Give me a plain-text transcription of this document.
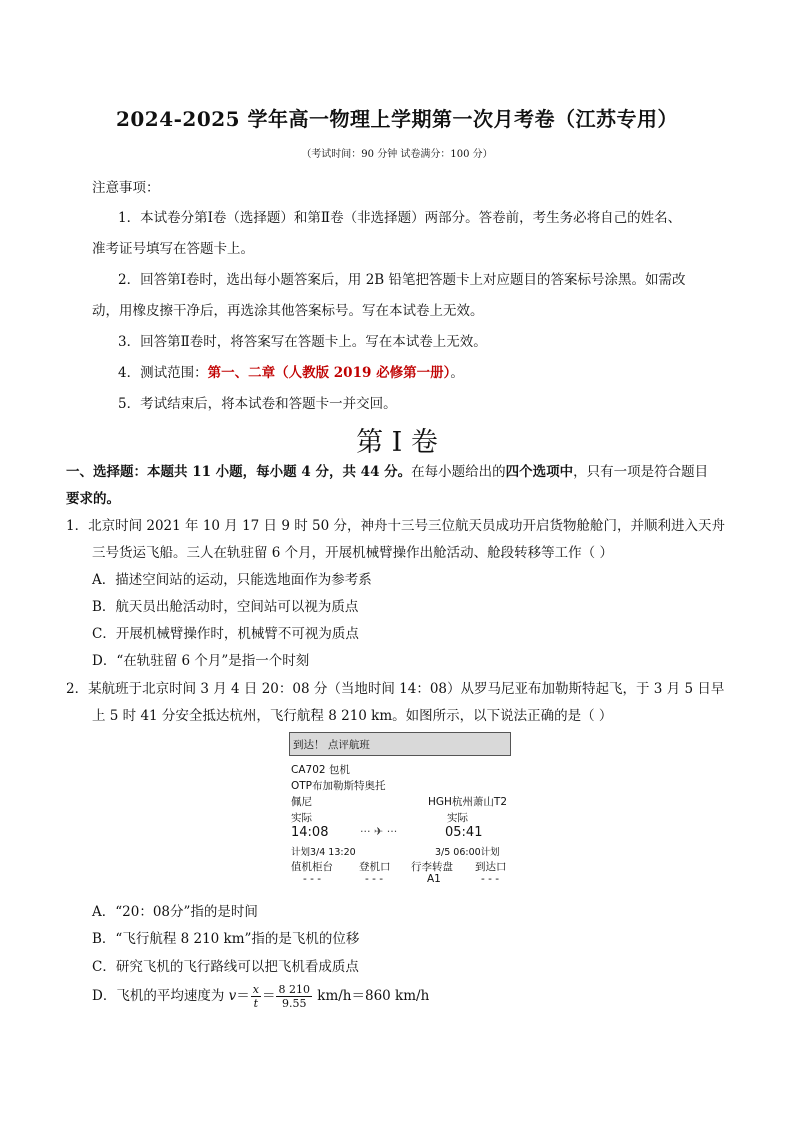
2024-2025 学年高一物理上学期第一次月考卷（江苏专用）
（考试时间：90 分钟 试卷满分：100 分）
注意事项：
1．本试卷分第Ⅰ卷（选择题）和第Ⅱ卷（非选择题）两部分。答卷前，考生务必将自己的姓名、
准考证号填写在答题卡上。
2．回答第Ⅰ卷时，选出每小题答案后，用 2B 铅笔把答题卡上对应题目的答案标号涂黑。如需改
动，用橡皮擦干净后，再选涂其他答案标号。写在本试卷上无效。
3．回答第Ⅱ卷时，将答案写在答题卡上。写在本试卷上无效。
4．测试范围：第一、二章（人教版 2019 必修第一册）。
5．考试结束后，将本试卷和答题卡一并交回。
第 I 卷
一、选择题：本题共 11 小题，每小题 4 分，共 44 分。在每小题给出的四个选项中，只有一项是符合题目
要求的。
1．北京时间 2021 年 10 月 17 日 9 时 50 分，神舟十三号三位航天员成功开启货物舱舱门，并顺利进入天舟
三号货运飞船。三人在轨驻留 6 个月，开展机械臂操作出舱活动、舱段转移等工作（ ）
A．描述空间站的运动，只能选地面作为参考系
B．航天员出舱活动时，空间站可以视为质点
C．开展机械臂操作时，机械臂不可视为质点
D．“在轨驻留 6 个月”是指一个时刻
2．某航班于北京时间 3 月 4 日 20：08 分（当地时间 14：08）从罗马尼亚布加勒斯特起飞，于 3 月 5 日早
上 5 时 41 分安全抵达杭州，飞行航程 8 210 km。如图所示，以下说法正确的是（ ）
到达！ 点评航班
CA702 包机
OTP布加勒斯特奥托
佩尼	HGH杭州萧山T2
实际	实际
14:08	··· ✈ ···	05:41
计划3/4 13:20	3/5 06:00计划
值机柜台 登机口 行李转盘 到达口
- - -	- - -	A1	- - -
A．“20：08分”指的是时间
B．“飞行航程 8 210 km”指的是飞机的位移
C．研究飞机的飞行路线可以把飞机看成质点
D．飞机的平均速度为 $v= \frac{x}{t} = \frac{8 210}{9.55} km/h=860$ km/h
